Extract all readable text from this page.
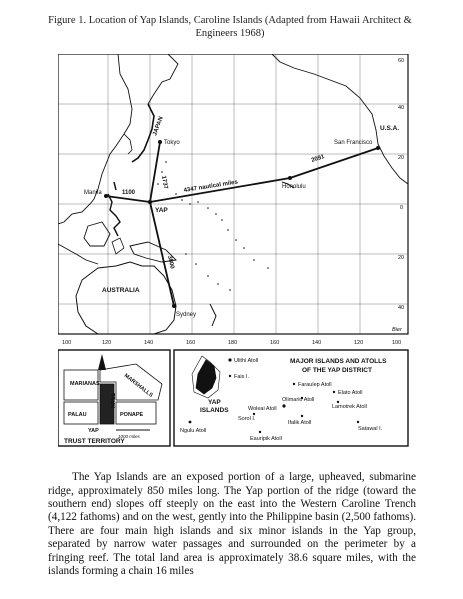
Figure 1. Location of Yap Islands, Caroline Islands (Adapted from Hawaii Architect & Engineers 1968)
JAPAN
Tokyo
Manila
YAP
AUSTRALIA
Sydney
Honolulu
San Francisco
U.S.A.
1737
1100	4347 nautical miles
2091
3800
60
40
20
0
20
40
Bier
100	120	140	160	180	160	140	120	100
MARIANAS	MARSHALLS
PALAU
TRUK
PONAPE
YAP
1000 miles
TRUST TERRITORY
MAJOR ISLANDS AND ATOLLS
OF THE YAP DISTRICT
YAP
ISLANDS
Ulithi Atoll
Fais I.
Faraulep Atoll
Elato Atoll
Olimario Atoll
Woleai Atoll	Lamotrek Atoll
Sorol I.
Ifalik Atoll
Satawal I.
Ngulu Atoll
Eauripik Atoll

The Yap Islands are an exposed portion of a large, upheaved, submarine ridge, approximately 850 miles long. The Yap portion of the ridge (toward the southern end) slopes off steeply on the east into the Western Caroline Trench (4,122 fathoms) and on the west, gently into the Philippine basin (2,500 fathoms). There are four main high islands and six minor islands in the Yap group, separated by narrow water passages and surrounded on the perimeter by a fringing reef. The total land area is approximately 38.6 square miles, with the islands forming a chain 16 miles
